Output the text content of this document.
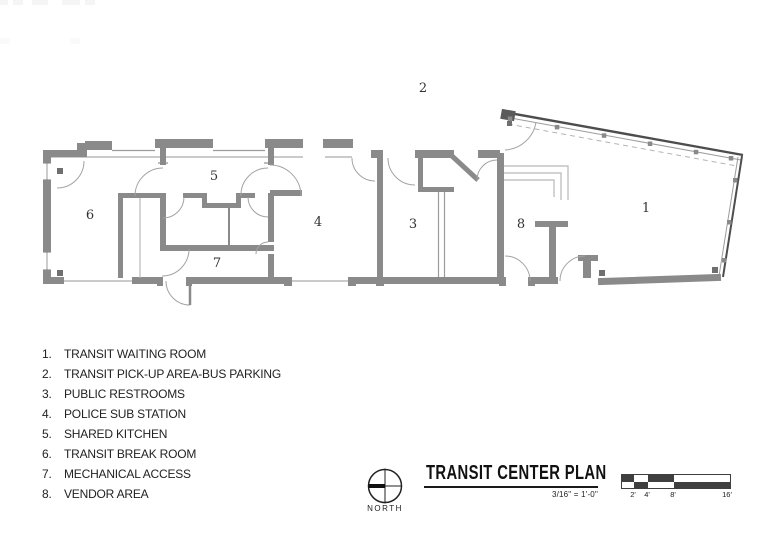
1
2
3
4
5
6
7
8
1.	TRANSIT WAITING ROOM
2.	TRANSIT PICK-UP AREA-BUS PARKING
3.	PUBLIC RESTROOMS
4.	POLICE SUB STATION
5.	SHARED KITCHEN
6.	TRANSIT BREAK ROOM
7.	MECHANICAL ACCESS
8.	VENDOR AREA
NORTH
TRANSIT CENTER PLAN
3/16" = 1'-0"	2' 4'	8'	16'
